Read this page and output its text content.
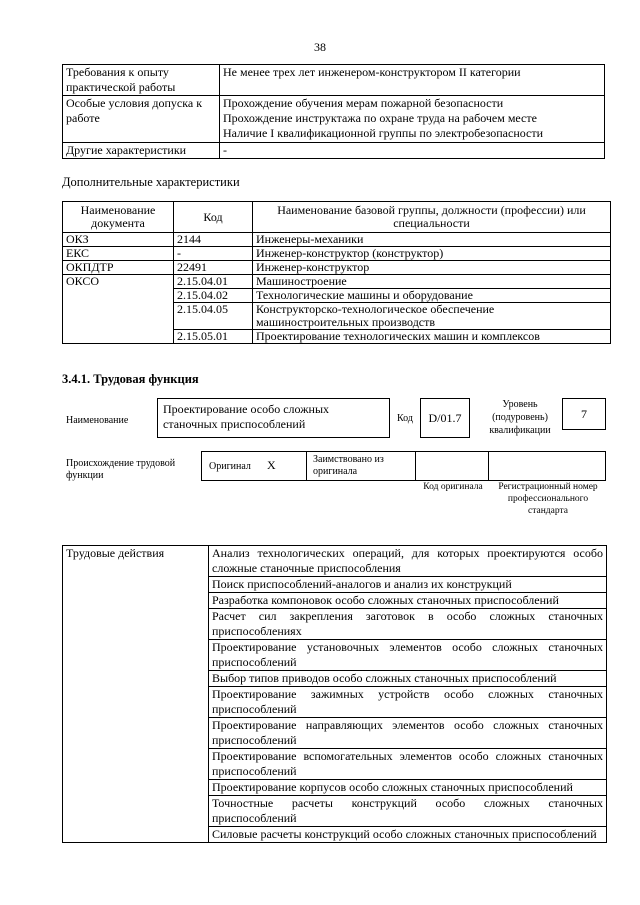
38
Требования к опыту практической работы	Не менее трех лет инженером-конструктором II категории

Особые условия допуска к работе	Прохождение обучения мерам пожарной безопасности
Прохождение инструктажа по охране труда на рабочем месте
Наличие I квалификационной группы по электробезопасности

Другие характеристики	-
Дополнительные характеристики
Наименование документа	Код	Наименование базовой группы, должности (профессии) или специальности
ОКЗ	2144	Инженеры-механики
ЕКС	-	Инженер-конструктор (конструктор)
ОКПДТР	22491	Инженер-конструктор
ОКСО	2.15.04.01	Машиностроение
	2.15.04.02	Технологические машины и оборудование
	2.15.04.05	Конструкторско-технологическое обеспечение машиностроительных производств
	2.15.05.01	Проектирование технологических машин и комплексов
3.4.1. Трудовая функция
Наименование
Проектирование особо сложных станочных приспособлений	Код	D/01.7
Уровень (подуровень) квалификации
7
Происхождение трудовой функции
Оригинал X	Заимствовано из оригинала
Код оригинала	Регистрационный номер профессионального стандарта
Трудовые действия	Анализ технологических операций, для которых проектируются особо сложные станочные приспособления
Поиск приспособлений-аналогов и анализ их конструкций
Разработка компоновок особо сложных станочных приспособлений
Расчет сил закрепления заготовок в особо сложных станочных приспособлениях
Проектирование установочных элементов особо сложных станочных приспособлений
Выбор типов приводов особо сложных станочных приспособлений
Проектирование зажимных устройств особо сложных станочных приспособлений
Проектирование направляющих элементов особо сложных станочных приспособлений
Проектирование вспомогательных элементов особо сложных станочных приспособлений
Проектирование корпусов особо сложных станочных приспособлений
Точностные расчеты конструкций особо сложных станочных приспособлений
Силовые расчеты конструкций особо сложных станочных приспособлений
